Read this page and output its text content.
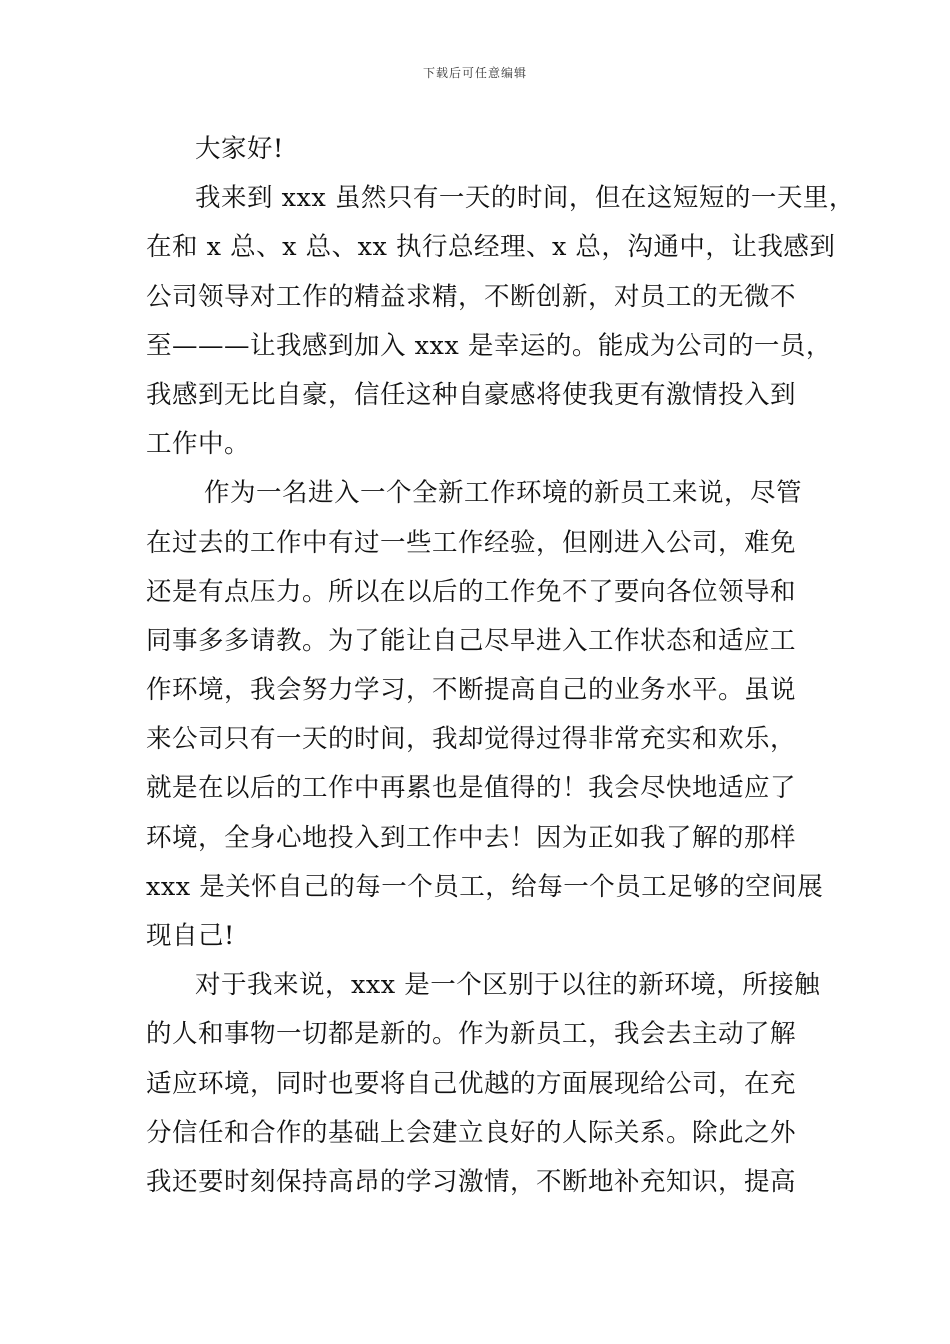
下载后可任意编辑
大家好!
我来到 xxx 虽然只有一天的时间，但在这短短的一天里，
在和 x 总、x 总、xx 执行总经理、x 总，沟通中，让我感到
公司领导对工作的精益求精，不断创新，对员工的无微不
至———让我感到加入 xxx 是幸运的。能成为公司的一员，
我感到无比自豪，信任这种自豪感将使我更有激情投入到
工作中。
作为一名进入一个全新工作环境的新员工来说，尽管
在过去的工作中有过一些工作经验，但刚进入公司，难免
还是有点压力。所以在以后的工作免不了要向各位领导和
同事多多请教。为了能让自己尽早进入工作状态和适应工
作环境，我会努力学习，不断提高自己的业务水平。虽说
来公司只有一天的时间，我却觉得过得非常充实和欢乐，
就是在以后的工作中再累也是值得的！我会尽快地适应了
环境，全身心地投入到工作中去！因为正如我了解的那样
xxx 是关怀自己的每一个员工，给每一个员工足够的空间展
现自己!
对于我来说，xxx 是一个区别于以往的新环境，所接触
的人和事物一切都是新的。作为新员工，我会去主动了解
适应环境，同时也要将自己优越的方面展现给公司，在充
分信任和合作的基础上会建立良好的人际关系。除此之外
我还要时刻保持高昂的学习激情，不断地补充知识，提高
